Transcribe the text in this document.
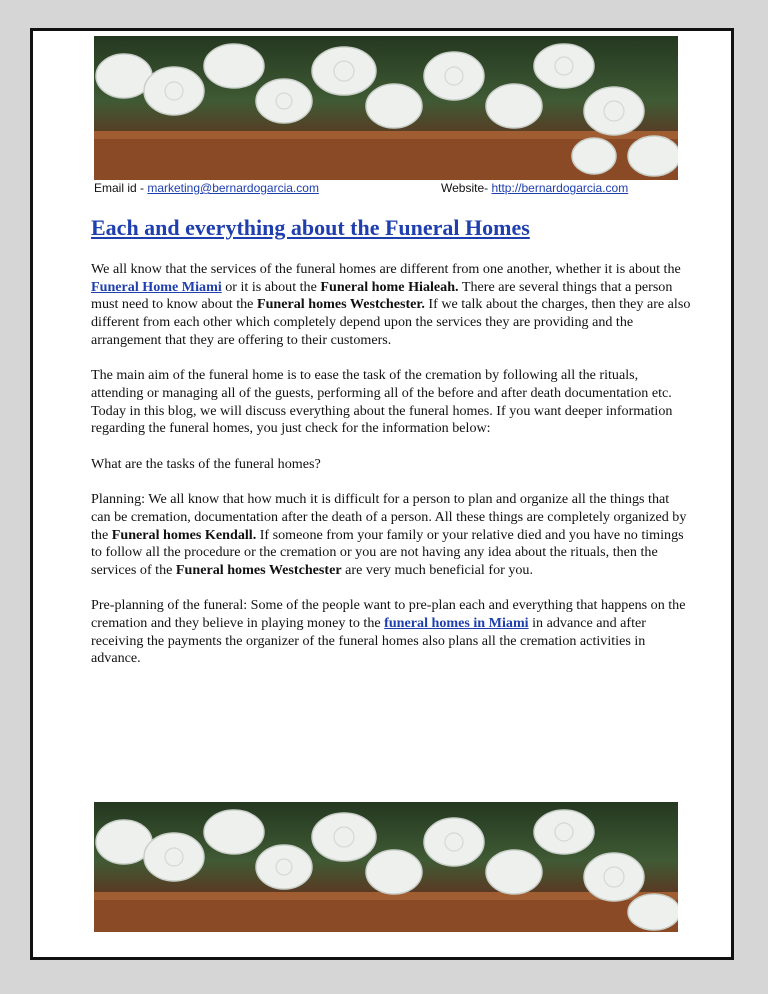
Email id - marketing@bernardogarcia.com	Website- http://bernardogarcia.com
Each and everything about the Funeral Homes

We all know that the services of the funeral homes are different from one another, whether it is about the Funeral Home Miami or it is about the Funeral home Hialeah. There are several things that a person must need to know about the Funeral homes Westchester. If we talk about the charges, then they are also different from each other which completely depend upon the services they are providing and the arrangement that they are offering to their customers.

The main aim of the funeral home is to ease the task of the cremation by following all the rituals, attending or managing all of the guests, performing all of the before and after death documentation etc. Today in this blog, we will discuss everything about the funeral homes. If you want deeper information regarding the funeral homes, you just check for the information below:

What are the tasks of the funeral homes?

Planning: We all know that how much it is difficult for a person to plan and organize all the things that can be cremation, documentation after the death of a person. All these things are completely organized by the Funeral homes Kendall. If someone from your family or your relative died and you have no timings to follow all the procedure or the cremation or you are not having any idea about the rituals, then the services of the Funeral homes Westchester are very much beneficial for you.

Pre-planning of the funeral: Some of the people want to pre-plan each and everything that happens on the cremation and they believe in playing money to the funeral homes in Miami in advance and after receiving the payments the organizer of the funeral homes also plans all the cremation activities in advance.
